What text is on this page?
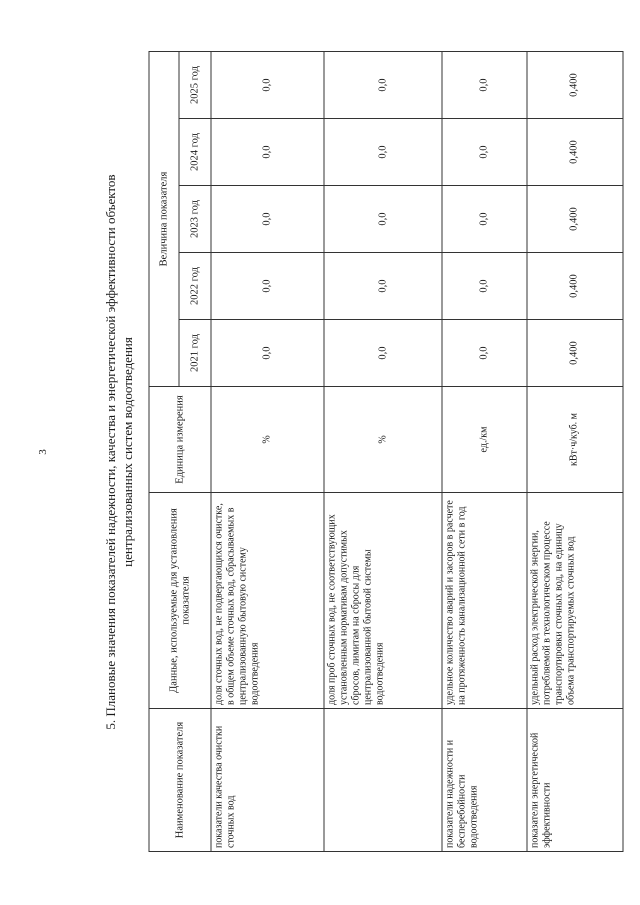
3	5. Плановые значения показателей надежности, качества и энергетической эффективности объектов централизованных систем водоотведения
Наименование показателя	Данные, используемые для установления показателя	Единица измерения	Величина показателя				
			2021 год	2022 год	2023 год	2024 год	2025 год
показатели качества очистки сточных вод	доля сточных вод, не подвергающихся очистке, в общем объеме сточных вод, сбрасываемых в централизованную бытовую систему водоотведения	%	0,0	0,0	0,0	0,0	0,0
	доля проб сточных вод, не соответствующих установленным нормативам допустимых сбросов, лимитам на сбросы для централизованной бытовой системы водоотведения	%	0,0	0,0	0,0	0,0	0,0
показатели надежности и бесперебойности водоотведения	удельное количество аварий и засоров в расчете на протяженность канализационной сети в год	ед./км	0,0	0,0	0,0	0,0	0,0
показатели энергетической эффективности	удельный расход электрической энергии, потребляемой в технологическом процессе транспортировки сточных вод, на единицу объема транспортируемых сточных вод	кВт·ч/куб. м	0,400	0,400	0,400	0,400	0,400
